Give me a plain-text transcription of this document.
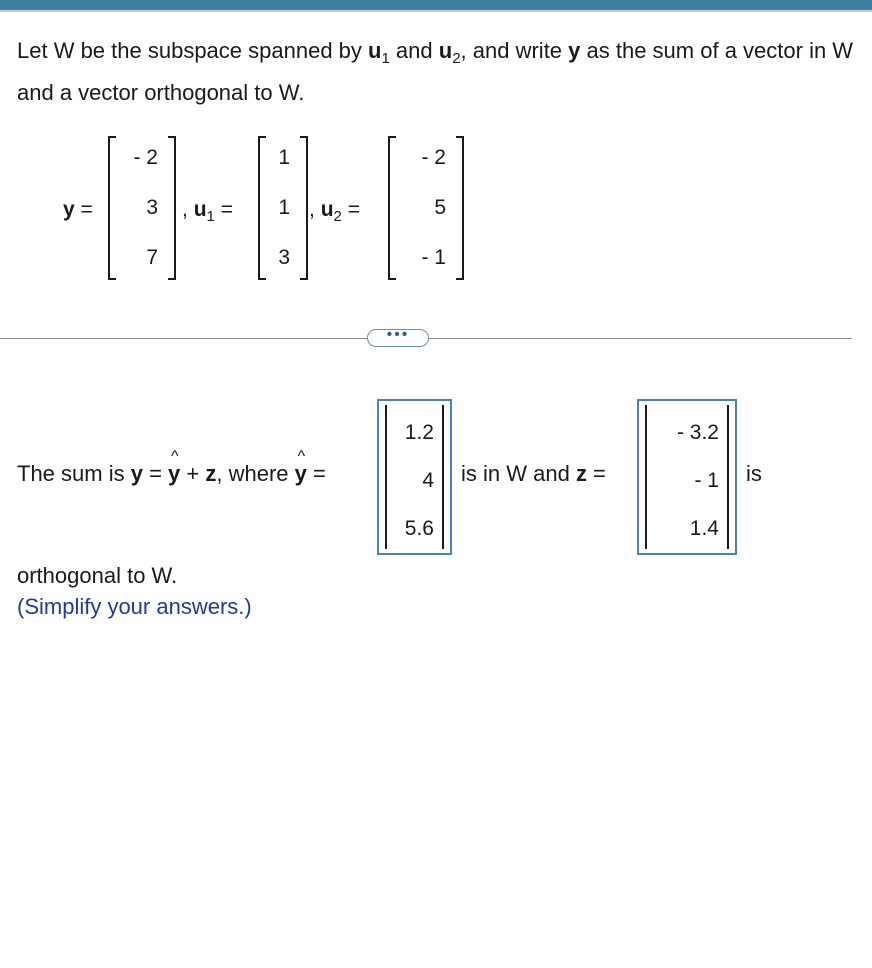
Let W be the subspace spanned by $u_1$ and $u_2$, and write y as the sum of a vector in W and a vector orthogonal to W.
y =
- 2
3
7
, $u_1$ =
1
1
3
, $u_2$ =
- 2
5
- 1
•••
The sum is y = ^ y + z, where ^ y =
1.2
4
5.6
is in W and z =
- 3.2
- 1
1.4
is
orthogonal to W.
(Simplify your answers.)
